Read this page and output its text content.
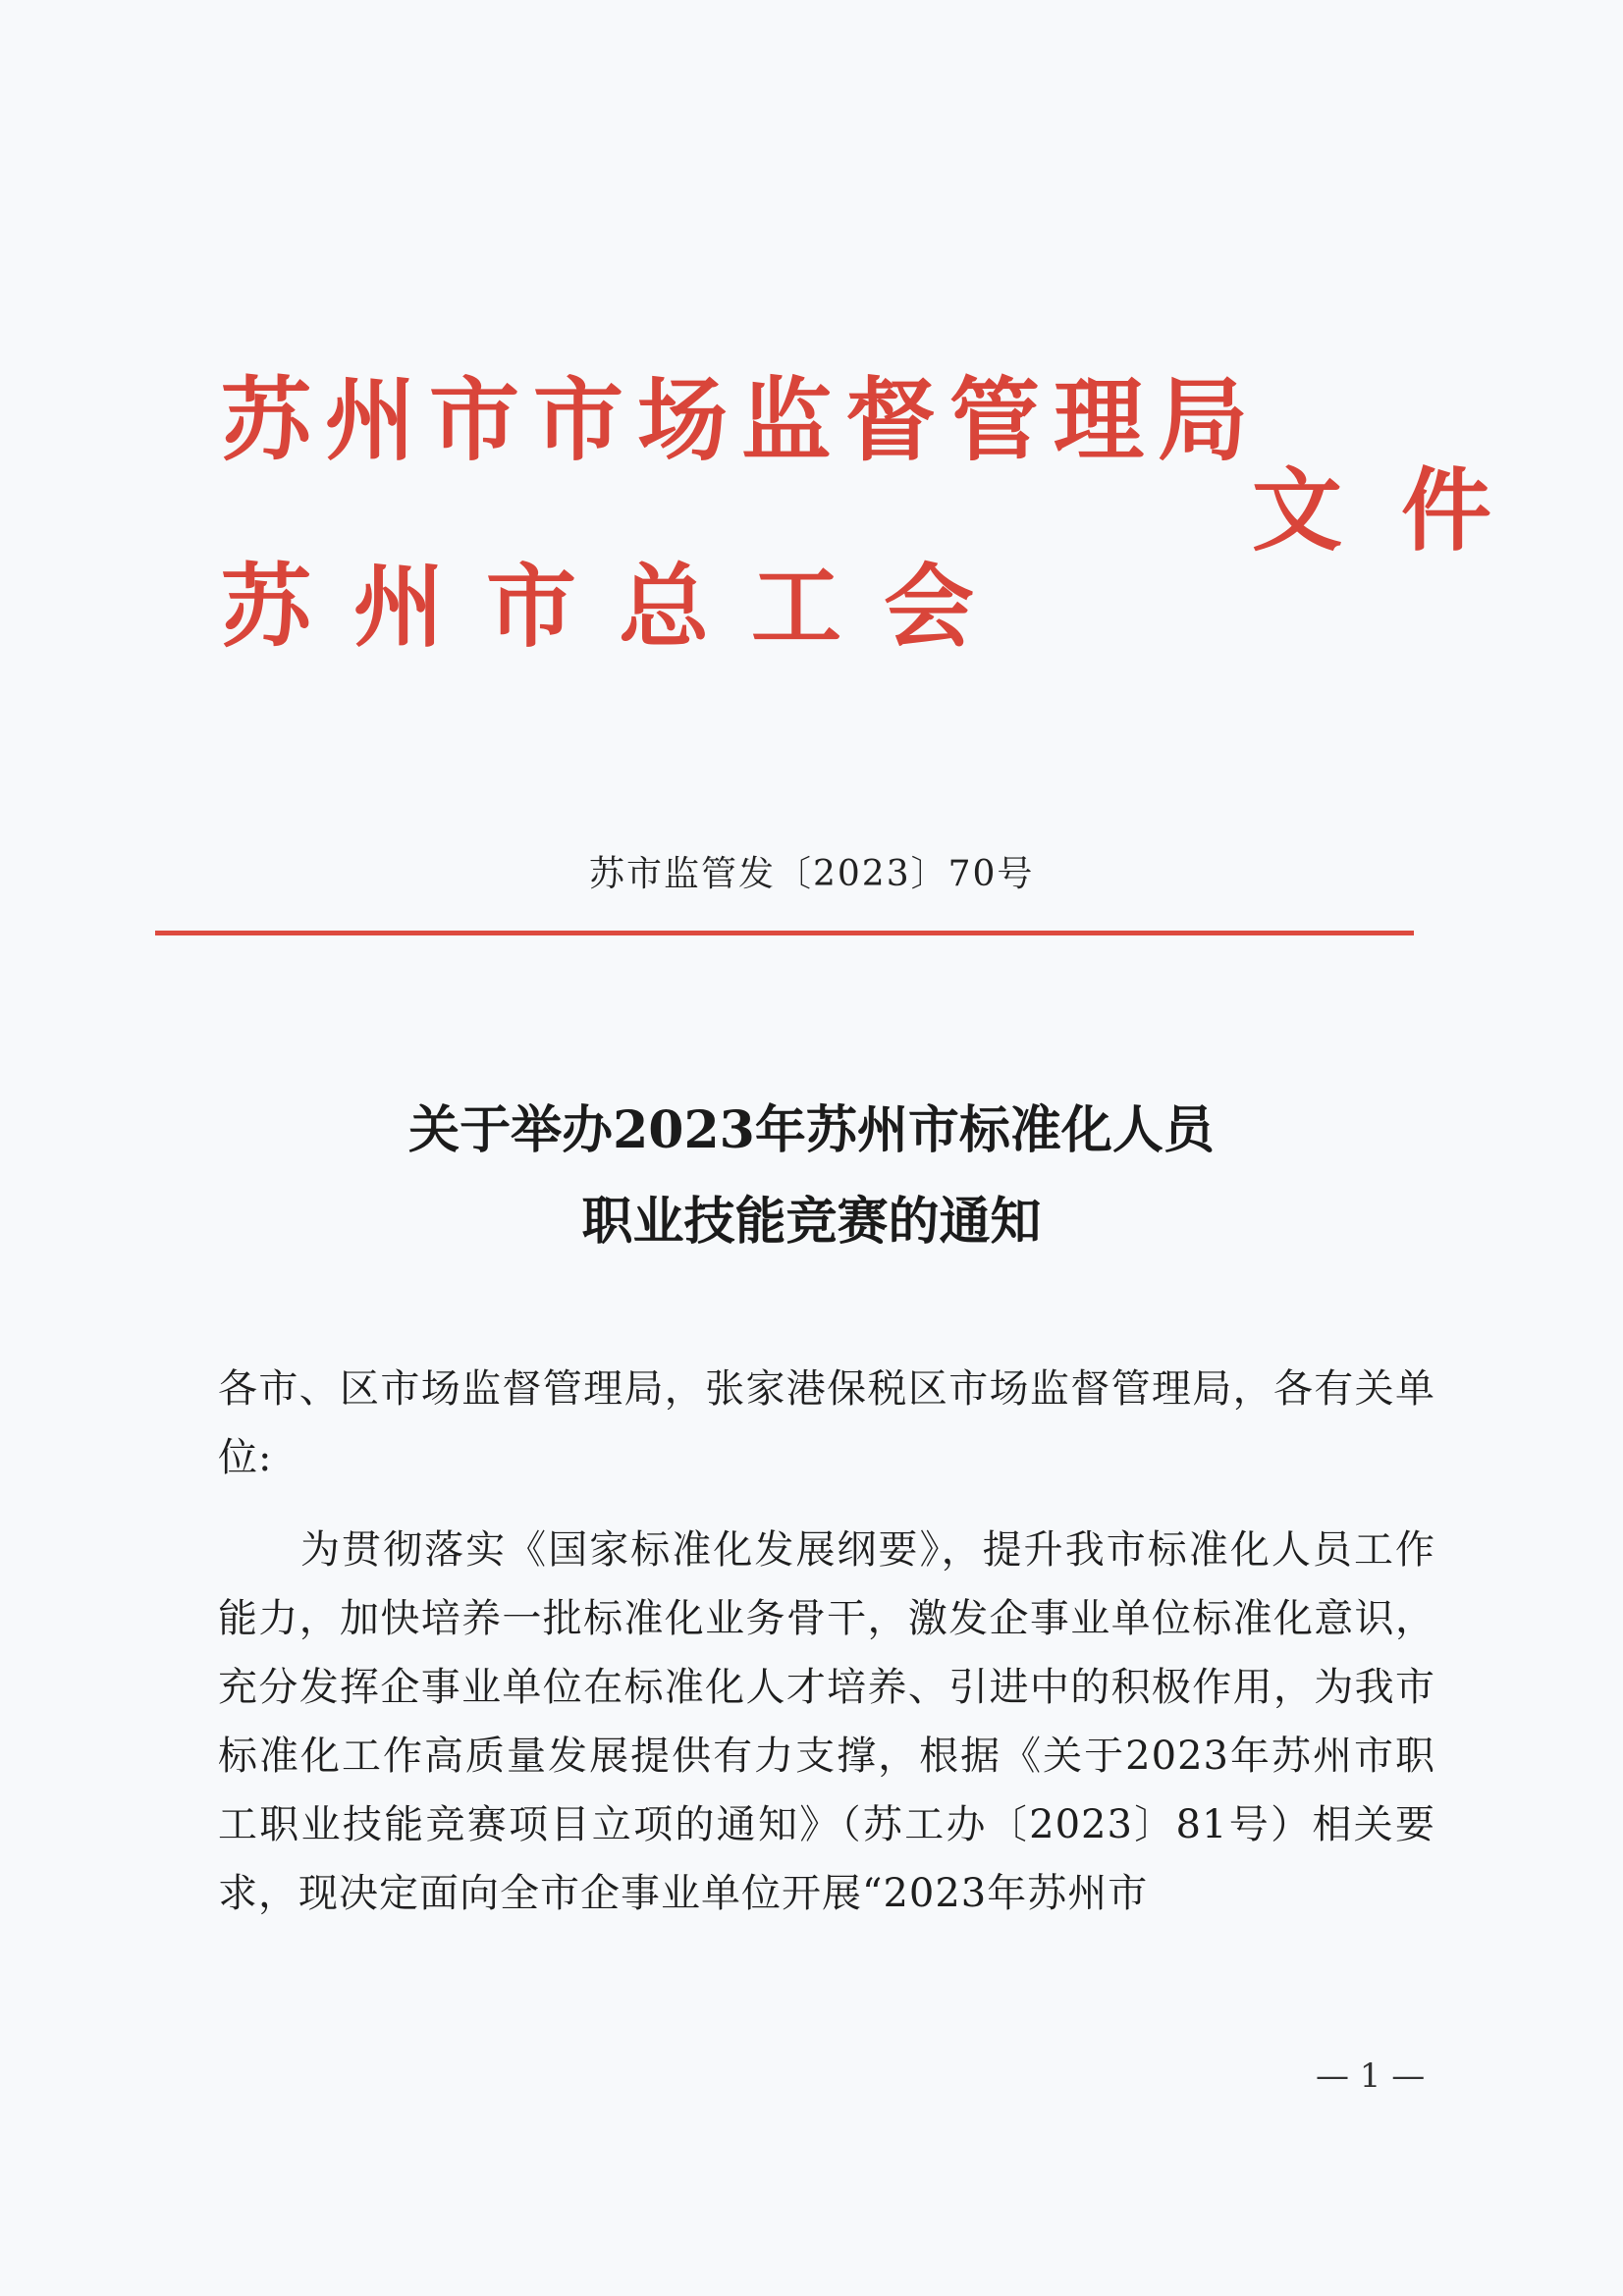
苏州市市场监督管理局
苏 州 市 总 工 会
文件
苏市监管发〔2023〕70号
关于举办2023年苏州市标准化人员
职业技能竞赛的通知
各市、区市场监督管理局，张家港保税区市场监督管理局，各有关单位:
为贯彻落实《国家标准化发展纲要》，提升我市标准化人员工作能力，加快培养一批标准化业务骨干，激发企事业单位标准化意识，充分发挥企事业单位在标准化人才培养、引进中的积极作用，为我市标准化工作高质量发展提供有力支撑，根据《关于2023年苏州市职工职业技能竞赛项目立项的通知》（苏工办〔2023〕81号）相关要求，现决定面向全市企事业单位开展“2023年苏州市
— 1 —
